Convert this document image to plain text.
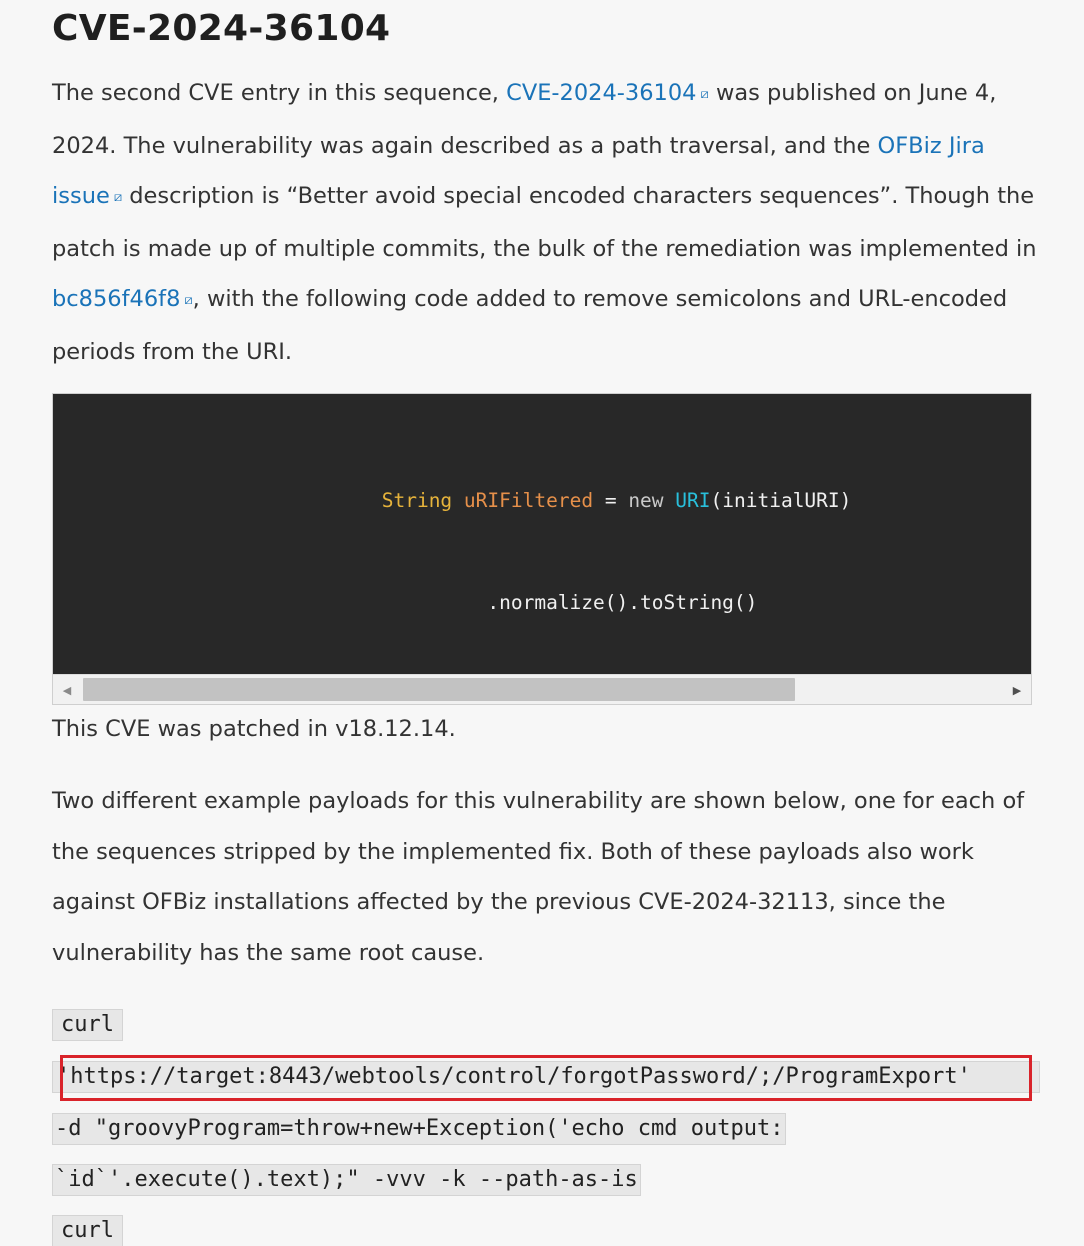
CVE-2024-36104

The second CVE entry in this sequence, CVE-2024-36104 ⧄ was published on June 4, 2024. The vulnerability was again described as a path traversal, and the OFBiz Jira issue ⧄ description is “Better avoid special encoded characters sequences”. Though the patch is made up of multiple commits, the bulk of the remediation was implemented in bc856f46f8 ⧄, with the following code added to remove semicolons and URL-encoded periods from the URI.

String uRIFiltered = new URI(initialURI)

.normalize().toString()

◀	▶

This CVE was patched in v18.12.14.

Two different example payloads for this vulnerability are shown below, one for each of the sequences stripped by the implemented fix. Both of these payloads also work against OFBiz installations affected by the previous CVE-2024-32113, since the vulnerability has the same root cause.

curl
'https://target:8443/webtools/control/forgotPassword/;/ProgramExport'
-d "groovyProgram=throw+new+Exception('echo cmd output:
`id`'.execute().text);" -vvv -k --path-as-is
curl
